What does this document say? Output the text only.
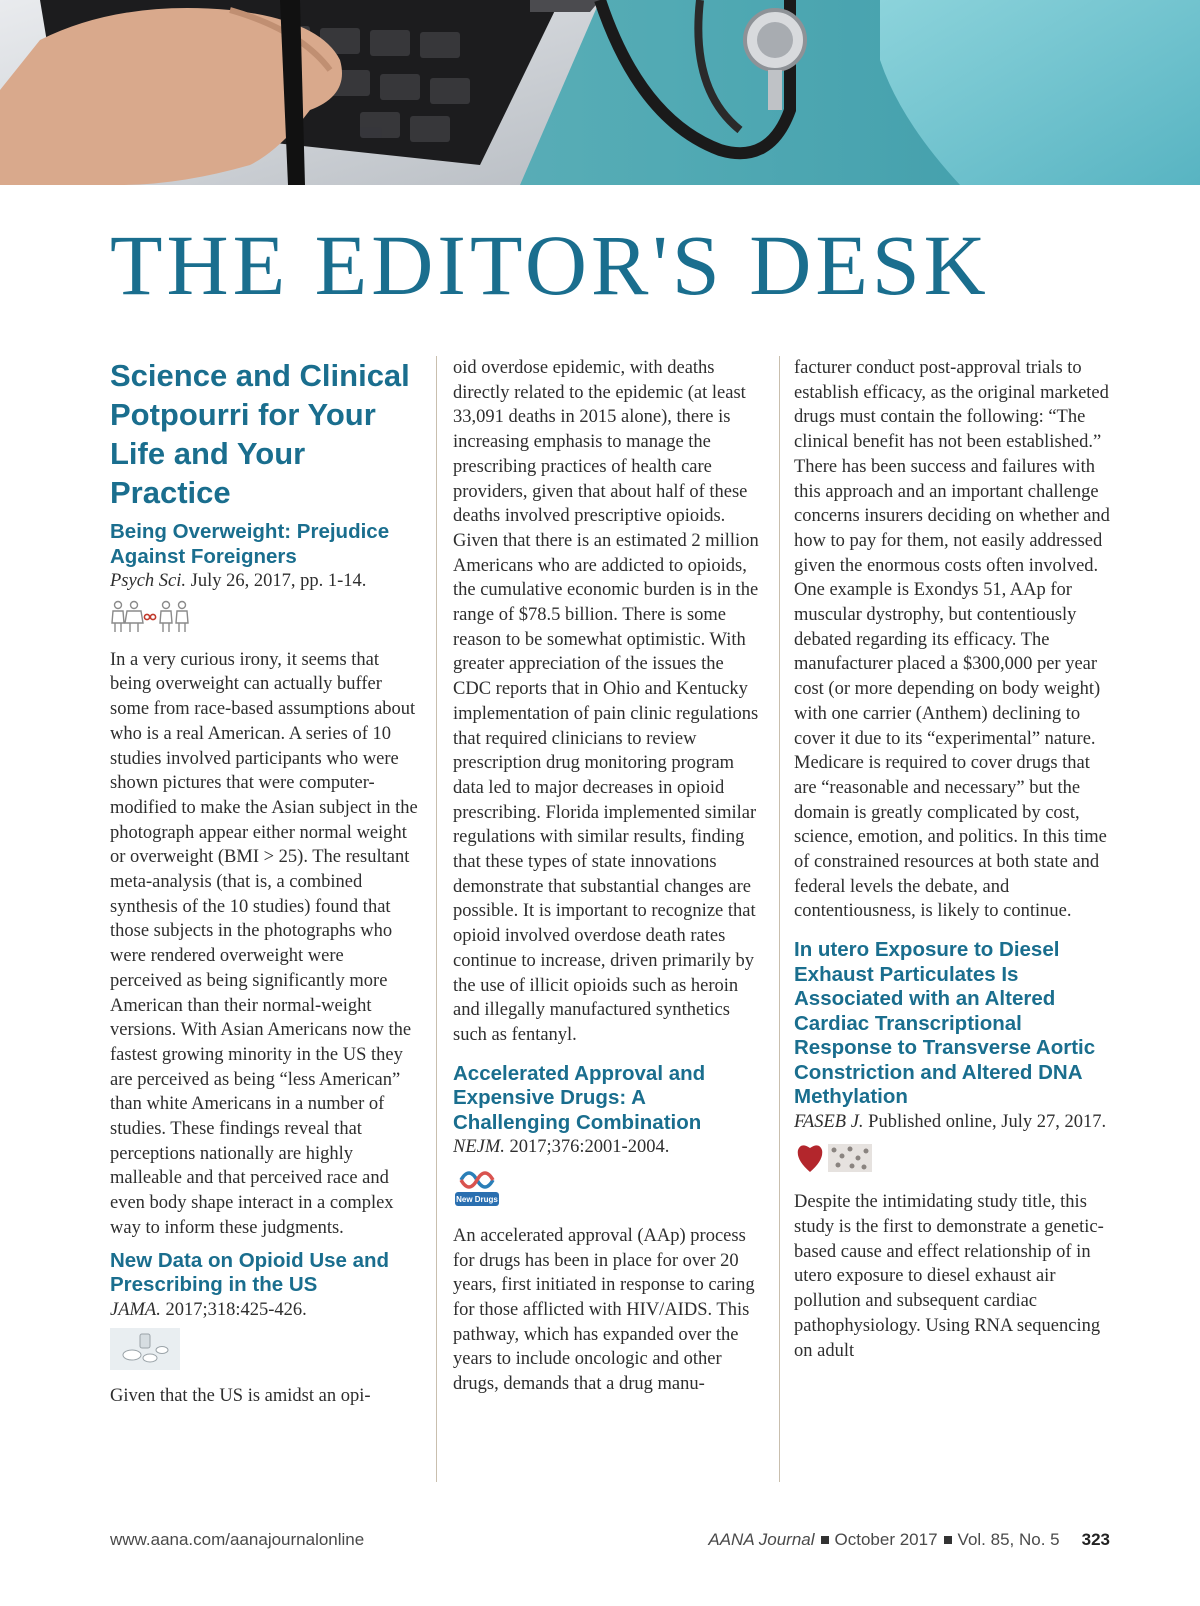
THE EDITOR'S DESK
Science and Clinical Potpourri for Your Life and Your Practice
Being Overweight: Prejudice Against Foreigners

Psych Sci. July 26, 2017, pp. 1-14.

In a very curious irony, it seems that being overweight can actually buffer some from race-based assumptions about who is a real American. A series of 10 studies involved participants who were shown pictures that were computer-modified to make the Asian subject in the photograph appear either normal weight or overweight (BMI > 25). The resultant meta-analysis (that is, a combined synthesis of the 10 studies) found that those subjects in the photographs who were rendered overweight were perceived as being significantly more American than their normal-weight versions. With Asian Americans now the fastest growing minority in the US they are perceived as being “less American” than white Americans in a number of studies. These findings reveal that perceptions nationally are highly malleable and that perceived race and even body shape interact in a complex way to inform these judgments.

New Data on Opioid Use and Prescribing in the US

JAMA. 2017;318:425-426.

Given that the US is amidst an opi-

oid overdose epidemic, with deaths directly related to the epidemic (at least 33,091 deaths in 2015 alone), there is increasing emphasis to manage the prescribing practices of health care providers, given that about half of these deaths involved prescriptive opioids. Given that there is an estimated 2 million Americans who are addicted to opioids, the cumulative economic burden is in the range of $78.5 billion. There is some reason to be somewhat optimistic. With greater appreciation of the issues the CDC reports that in Ohio and Kentucky implementation of pain clinic regulations that required clinicians to review prescription drug monitoring program data led to major decreases in opioid prescribing. Florida implemented similar regulations with similar results, finding that these types of state innovations demonstrate that substantial changes are possible. It is important to recognize that opioid involved overdose death rates continue to increase, driven primarily by the use of illicit opioids such as heroin and illegally manufactured synthetics such as fentanyl.

Accelerated Approval and Expensive Drugs: A Challenging Combination

NEJM. 2017;376:2001-2004.

New Drugs

An accelerated approval (AAp) process for drugs has been in place for over 20 years, first initiated in response to caring for those afflicted with HIV/AIDS. This pathway, which has expanded over the years to include oncologic and other drugs, demands that a drug manu-

facturer conduct post-approval trials to establish efficacy, as the original marketed drugs must contain the following: “The clinical benefit has not been established.” There has been success and failures with this approach and an important challenge concerns insurers deciding on whether and how to pay for them, not easily addressed given the enormous costs often involved. One example is Exondys 51, AAp for muscular dystrophy, but contentiously debated regarding its efficacy. The manufacturer placed a $300,000 per year cost (or more depending on body weight) with one carrier (Anthem) declining to cover it due to its “experimental” nature. Medicare is required to cover drugs that are “reasonable and necessary” but the domain is greatly complicated by cost, science, emotion, and politics. In this time of constrained resources at both state and federal levels the debate, and contentiousness, is likely to continue.

In utero Exposure to Diesel Exhaust Particulates Is Associated with an Altered Cardiac Transcriptional Response to Transverse Aortic Constriction and Altered DNA Methylation

FASEB J. Published online, July 27, 2017.

Despite the intimidating study title, this study is the first to demonstrate a genetic-based cause and effect relationship of in utero exposure to diesel exhaust air pollution and subsequent cardiac pathophysiology. Using RNA sequencing on adult

www.aana.com/aanajournalonline	AANA Journal October 2017 Vol. 85, No. 5 323
